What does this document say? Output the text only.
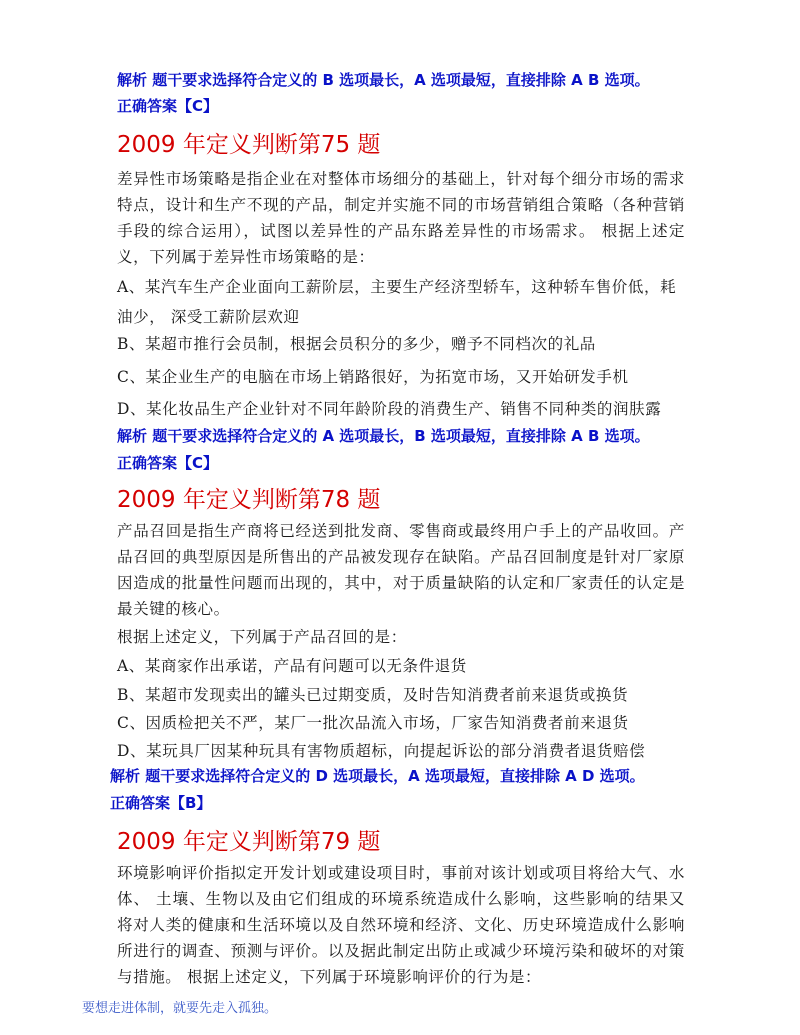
解析 题干要求选择符合定义的 B 选项最长，A 选项最短，直接排除 A B 选项。
正确答案【C】
2009 年定义判断第75 题
差异性市场策略是指企业在对整体市场细分的基础上，针对每个细分市场的需求特点，设计和生产不现的产品，制定并实施不同的市场营销组合策略（各种营销手段的综合运用），试图以差异性的产品东路差异性的市场需求。 根据上述定义，下列属于差异性市场策略的是：
A、某汽车生产企业面向工薪阶层，主要生产经济型轿车，这种轿车售价低，耗油少， 深受工薪阶层欢迎
B、某超市推行会员制，根据会员积分的多少，赠予不同档次的礼品
C、某企业生产的电脑在市场上销路很好，为拓宽市场，又开始研发手机
D、某化妆品生产企业针对不同年龄阶段的消费生产、销售不同种类的润肤露
解析 题干要求选择符合定义的 A 选项最长，B 选项最短，直接排除 A B 选项。
正确答案【C】
2009 年定义判断第78 题
产品召回是指生产商将已经送到批发商、零售商或最终用户手上的产品收回。产品召回的典型原因是所售出的产品被发现存在缺陷。产品召回制度是针对厂家原因造成的批量性问题而出现的，其中，对于质量缺陷的认定和厂家责任的认定是最关键的核心。
根据上述定义，下列属于产品召回的是：
A、某商家作出承诺，产品有问题可以无条件退货
B、某超市发现卖出的罐头已过期变质，及时告知消费者前来退货或换货
C、因质检把关不严，某厂一批次品流入市场，厂家告知消费者前来退货
D、某玩具厂因某种玩具有害物质超标，向提起诉讼的部分消费者退货赔偿
解析 题干要求选择符合定义的 D 选项最长，A 选项最短，直接排除 A D 选项。
正确答案【B】
2009 年定义判断第79 题
环境影响评价指拟定开发计划或建设项目时，事前对该计划或项目将给大气、水体、 土壤、生物以及由它们组成的环境系统造成什么影响，这些影响的结果又将对人类的健康和生活环境以及自然环境和经济、文化、历史环境造成什么影响所进行的调查、预测与评价。以及据此制定出防止或减少环境污染和破坏的对策与措施。 根据上述定义，下列属于环境影响评价的行为是：
要想走进体制，就要先走入孤独。
